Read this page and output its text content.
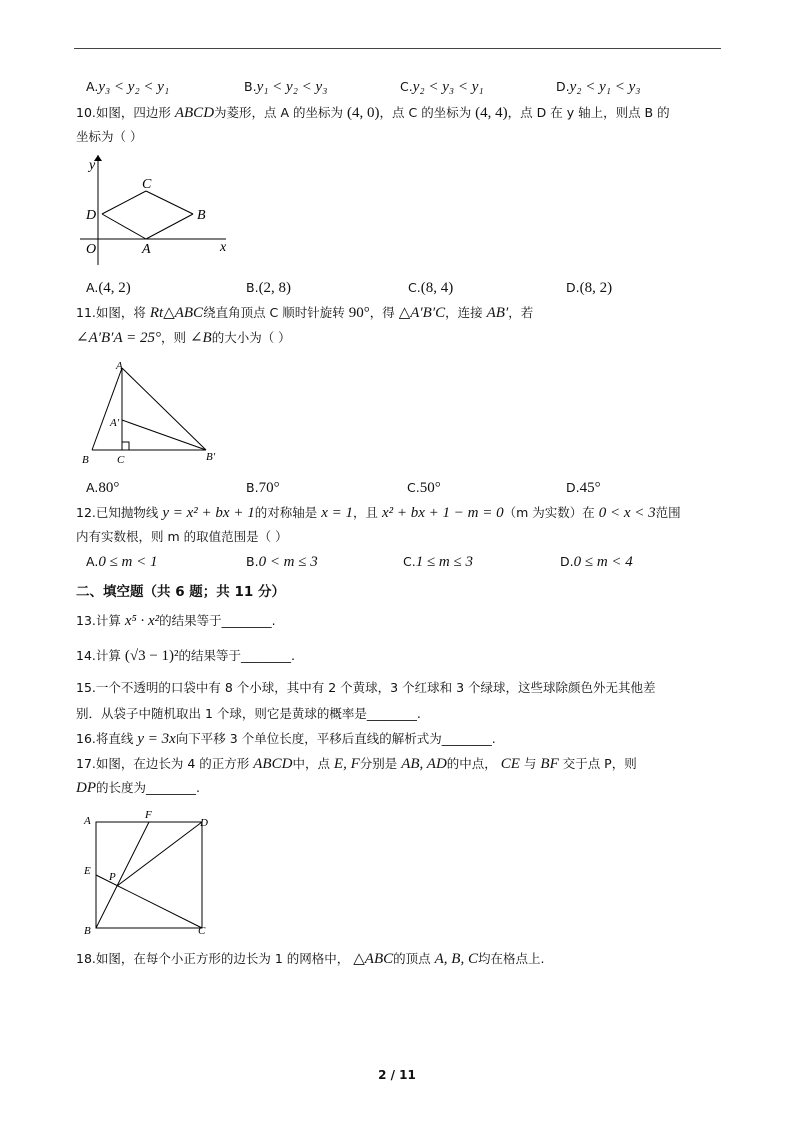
A.y₃ < y₂ < y₁	B.y₁ < y₂ < y₃	C.y₂ < y₃ < y₁	D.y₂ < y₁ < y₃
10.如图，四边形 ABCD为菱形，点 A 的坐标为 (4, 0)，点 C 的坐标为 (4, 4)，点 D 在 y 轴上，则点 B 的
坐标为（ ）
y
x
O	A
B
C
D
A.(4, 2)	B.(2, 8)	C.(8, 4)	D.(8, 2)
11.如图，将 Rt△ABC绕直角顶点 C 顺时针旋转 90°，得 △A′B′C，连接 AB′，若
∠A′B′A = 25°，则 ∠B的大小为（ ）
A
A′
B	C	B′
A.80°	B.70°	C.50°	D.45°
12.已知抛物线 y = x² + bx + 1的对称轴是 x = 1，且 x² + bx + 1 − m = 0（m 为实数）在 0 < x < 3范围
内有实数根，则 m 的取值范围是（ ）
A.0 ≤ m < 1	B.0 < m ≤ 3	C.1 ≤ m ≤ 3	D.0 ≤ m < 4
二、填空题（共 6 题；共 11 分）
13.计算 x⁵ · x²的结果等于________.
14.计算 (√3 − 1)²的结果等于________.
15.一个不透明的口袋中有 8 个小球，其中有 2 个黄球，3 个红球和 3 个绿球，这些球除颜色外无其他差
别．从袋子中随机取出 1 个球，则它是黄球的概率是________.
16.将直线 y = 3x向下平移 3 个单位长度，平移后直线的解析式为________.
17.如图，在边长为 4 的正方形 ABCD中，点 E, F分别是 AB, AD的中点， CE 与 BF 交于点 P，则
DP的长度为________.
A	F
D
E P
B	C
18.如图，在每个小正方形的边长为 1 的网格中， △ABC的顶点 A, B, C均在格点上.
2 / 11
